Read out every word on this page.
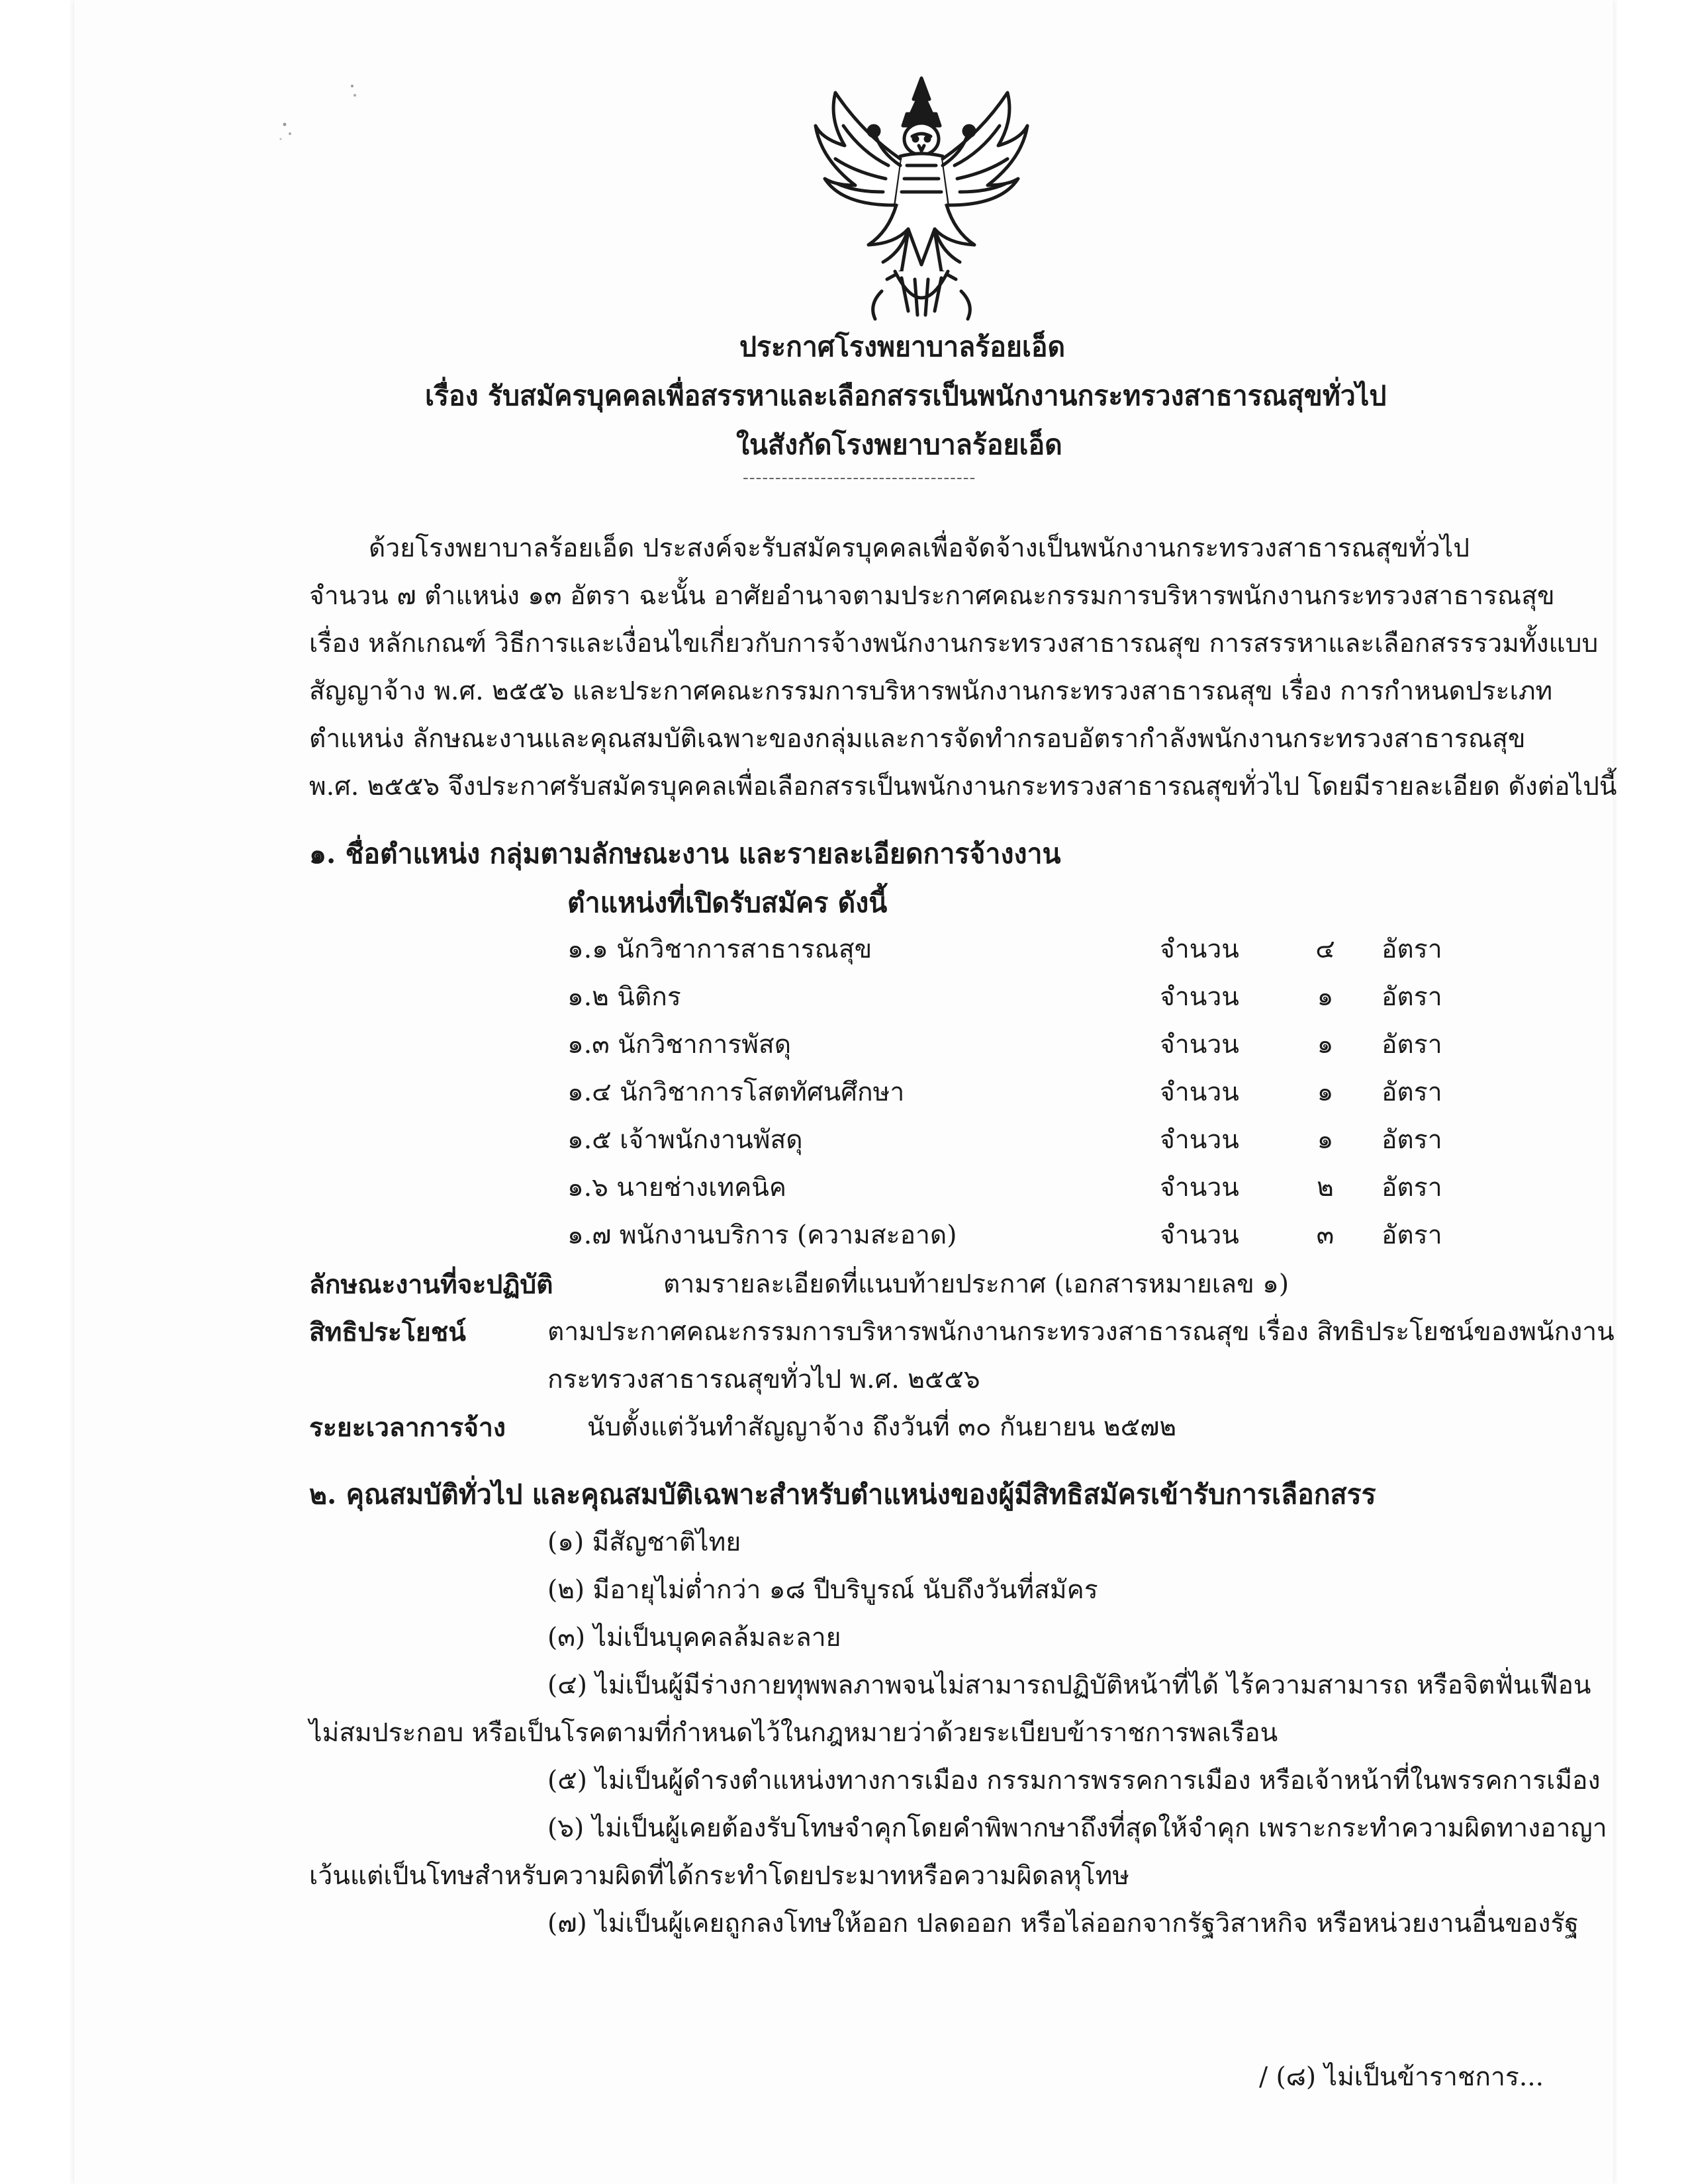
ประกาศโรงพยาบาลร้อยเอ็ด
เรื่อง รับสมัครบุคคลเพื่อสรรหาและเลือกสรรเป็นพนักงานกระทรวงสาธารณสุขทั่วไป
ในสังกัดโรงพยาบาลร้อยเอ็ด
------------------------------------
ด้วยโรงพยาบาลร้อยเอ็ด ประสงค์จะรับสมัครบุคคลเพื่อจัดจ้างเป็นพนักงานกระทรวงสาธารณสุขทั่วไป
จำนวน ๗ ตำแหน่ง ๑๓ อัตรา ฉะนั้น อาศัยอำนาจตามประกาศคณะกรรมการบริหารพนักงานกระทรวงสาธารณสุข
เรื่อง หลักเกณฑ์ วิธีการและเงื่อนไขเกี่ยวกับการจ้างพนักงานกระทรวงสาธารณสุข การสรรหาและเลือกสรรรวมทั้งแบบ
สัญญาจ้าง พ.ศ. ๒๕๕๖ และประกาศคณะกรรมการบริหารพนักงานกระทรวงสาธารณสุข เรื่อง การกำหนดประเภท
ตำแหน่ง ลักษณะงานและคุณสมบัติเฉพาะของกลุ่มและการจัดทำกรอบอัตรากำลังพนักงานกระทรวงสาธารณสุข
พ.ศ. ๒๕๕๖ จึงประกาศรับสมัครบุคคลเพื่อเลือกสรรเป็นพนักงานกระทรวงสาธารณสุขทั่วไป โดยมีรายละเอียด ดังต่อไปนี้
๑. ชื่อตำแหน่ง กลุ่มตามลักษณะงาน และรายละเอียดการจ้างงาน
ตำแหน่งที่เปิดรับสมัคร ดังนี้
๑.๑ นักวิชาการสาธารณสุข	จำนวน	๔	อัตรา
๑.๒ นิติกร	จำนวน	๑	อัตรา
๑.๓ นักวิชาการพัสดุ	จำนวน	๑	อัตรา
๑.๔ นักวิชาการโสตทัศนศึกษา	จำนวน	๑	อัตรา
๑.๕ เจ้าพนักงานพัสดุ	จำนวน	๑	อัตรา
๑.๖ นายช่างเทคนิค	จำนวน	๒	อัตรา
๑.๗ พนักงานบริการ (ความสะอาด)	จำนวน	๓	อัตรา
ลักษณะงานที่จะปฏิบัติ	ตามรายละเอียดที่แนบท้ายประกาศ (เอกสารหมายเลข ๑)
สิทธิประโยชน์	ตามประกาศคณะกรรมการบริหารพนักงานกระทรวงสาธารณสุข เรื่อง สิทธิประโยชน์ของพนักงาน
กระทรวงสาธารณสุขทั่วไป พ.ศ. ๒๕๕๖
ระยะเวลาการจ้าง	นับตั้งแต่วันทำสัญญาจ้าง ถึงวันที่ ๓๐ กันยายน ๒๕๗๒
๒. คุณสมบัติทั่วไป และคุณสมบัติเฉพาะสำหรับตำแหน่งของผู้มีสิทธิสมัครเข้ารับการเลือกสรร
(๑) มีสัญชาติไทย
(๒) มีอายุไม่ต่ำกว่า ๑๘ ปีบริบูรณ์ นับถึงวันที่สมัคร
(๓) ไม่เป็นบุคคลล้มละลาย
(๔) ไม่เป็นผู้มีร่างกายทุพพลภาพจนไม่สามารถปฏิบัติหน้าที่ได้ ไร้ความสามารถ หรือจิตฟั่นเฟือน
ไม่สมประกอบ หรือเป็นโรคตามที่กำหนดไว้ในกฎหมายว่าด้วยระเบียบข้าราชการพลเรือน
(๕) ไม่เป็นผู้ดำรงตำแหน่งทางการเมือง กรรมการพรรคการเมือง หรือเจ้าหน้าที่ในพรรคการเมือง
(๖) ไม่เป็นผู้เคยต้องรับโทษจำคุกโดยคำพิพากษาถึงที่สุดให้จำคุก เพราะกระทำความผิดทางอาญา
เว้นแต่เป็นโทษสำหรับความผิดที่ได้กระทำโดยประมาทหรือความผิดลหุโทษ
(๗) ไม่เป็นผู้เคยถูกลงโทษให้ออก ปลดออก หรือไล่ออกจากรัฐวิสาหกิจ หรือหน่วยงานอื่นของรัฐ
/ (๘) ไม่เป็นข้าราชการ...
